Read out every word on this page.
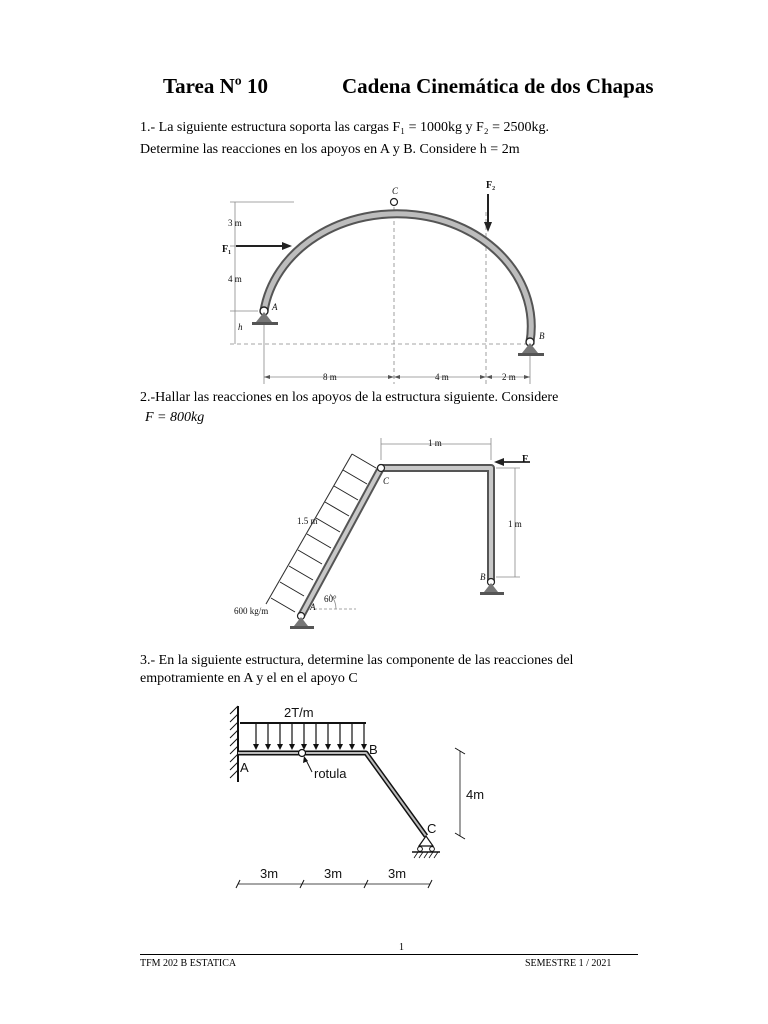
Tarea Nº 10	Cadena Cinemática de dos Chapas
1.- La siguiente estructura soporta las cargas F₁ = 1000kg y F₂ = 2500kg.
Determine las reacciones en los apoyos en A y B. Considere h = 2m
C	F₂
F₁
A
B
3 m
4 m
h
8 m	4 m	2 m
2.-Hallar las reacciones en los apoyos de la estructura siguiente. Considere
F = 800kg
1 m
F
C
1 m
1.5 m
B
60°
600 kg/m	A
3.- En la siguiente estructura, determine las componente de las reacciones del
empotramiente en A y el en el apoyo C
2T/m
B
A	rotula
4m
C
3m	3m	3m
1
TFM 202 B ESTATICA	SEMESTRE 1 / 2021
